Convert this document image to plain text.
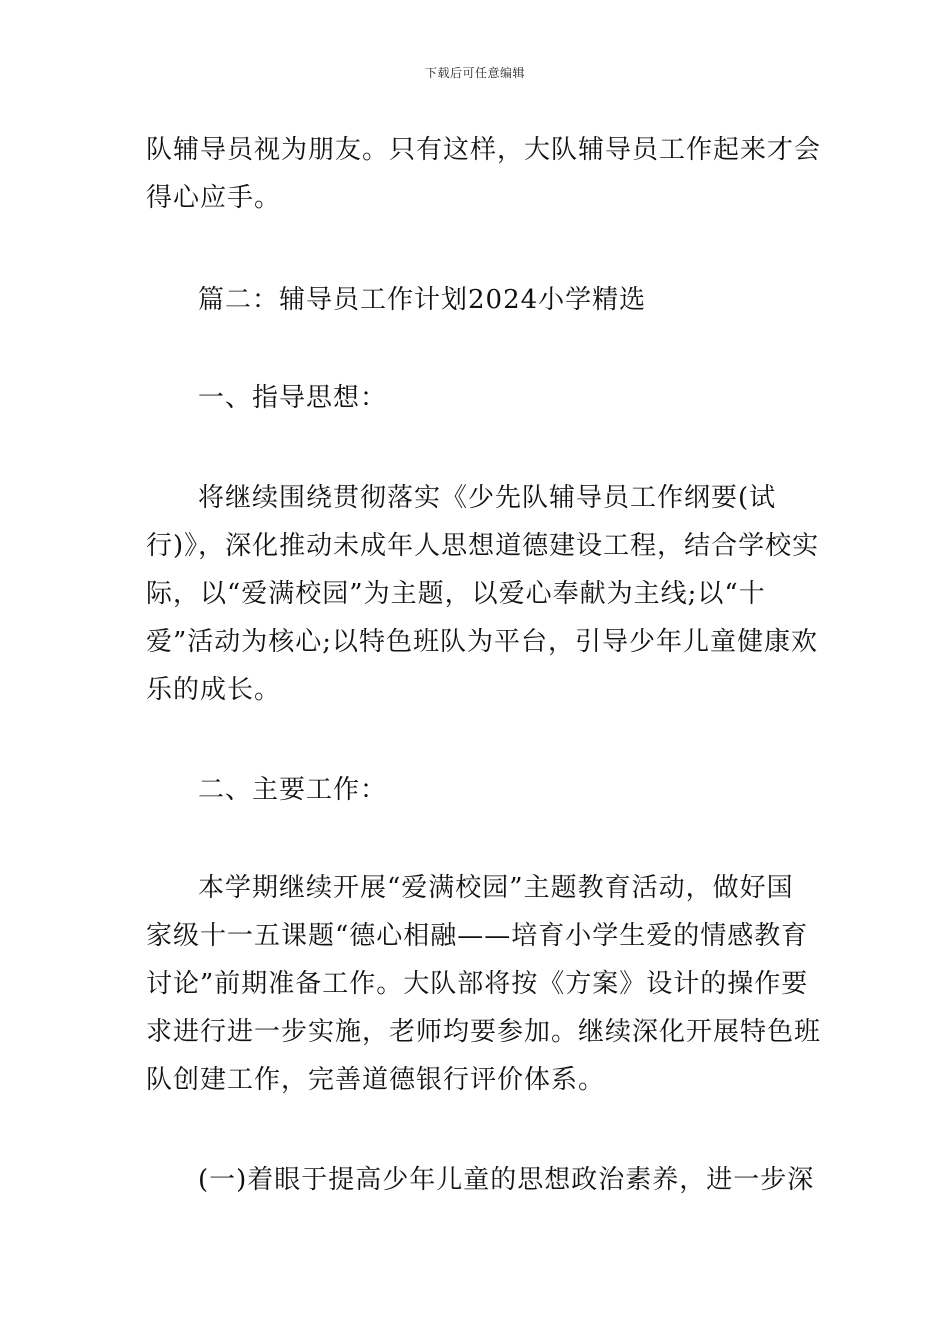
下载后可任意编辑
队辅导员视为朋友。只有这样，大队辅导员工作起来才会
得心应手。
篇二：辅导员工作计划2024小学精选
一、指导思想：
将继续围绕贯彻落实《少先队辅导员工作纲要(试
行)》，深化推动未成年人思想道德建设工程，结合学校实
际，以“爱满校园”为主题，以爱心奉献为主线;以“十
爱”活动为核心;以特色班队为平台，引导少年儿童健康欢
乐的成长。
二、主要工作：
本学期继续开展“爱满校园”主题教育活动，做好国
家级十一五课题“德心相融——培育小学生爱的情感教育
讨论”前期准备工作。大队部将按《方案》设计的操作要
求进行进一步实施，老师均要参加。继续深化开展特色班
队创建工作，完善道德银行评价体系。
(一)着眼于提高少年儿童的思想政治素养，进一步深
